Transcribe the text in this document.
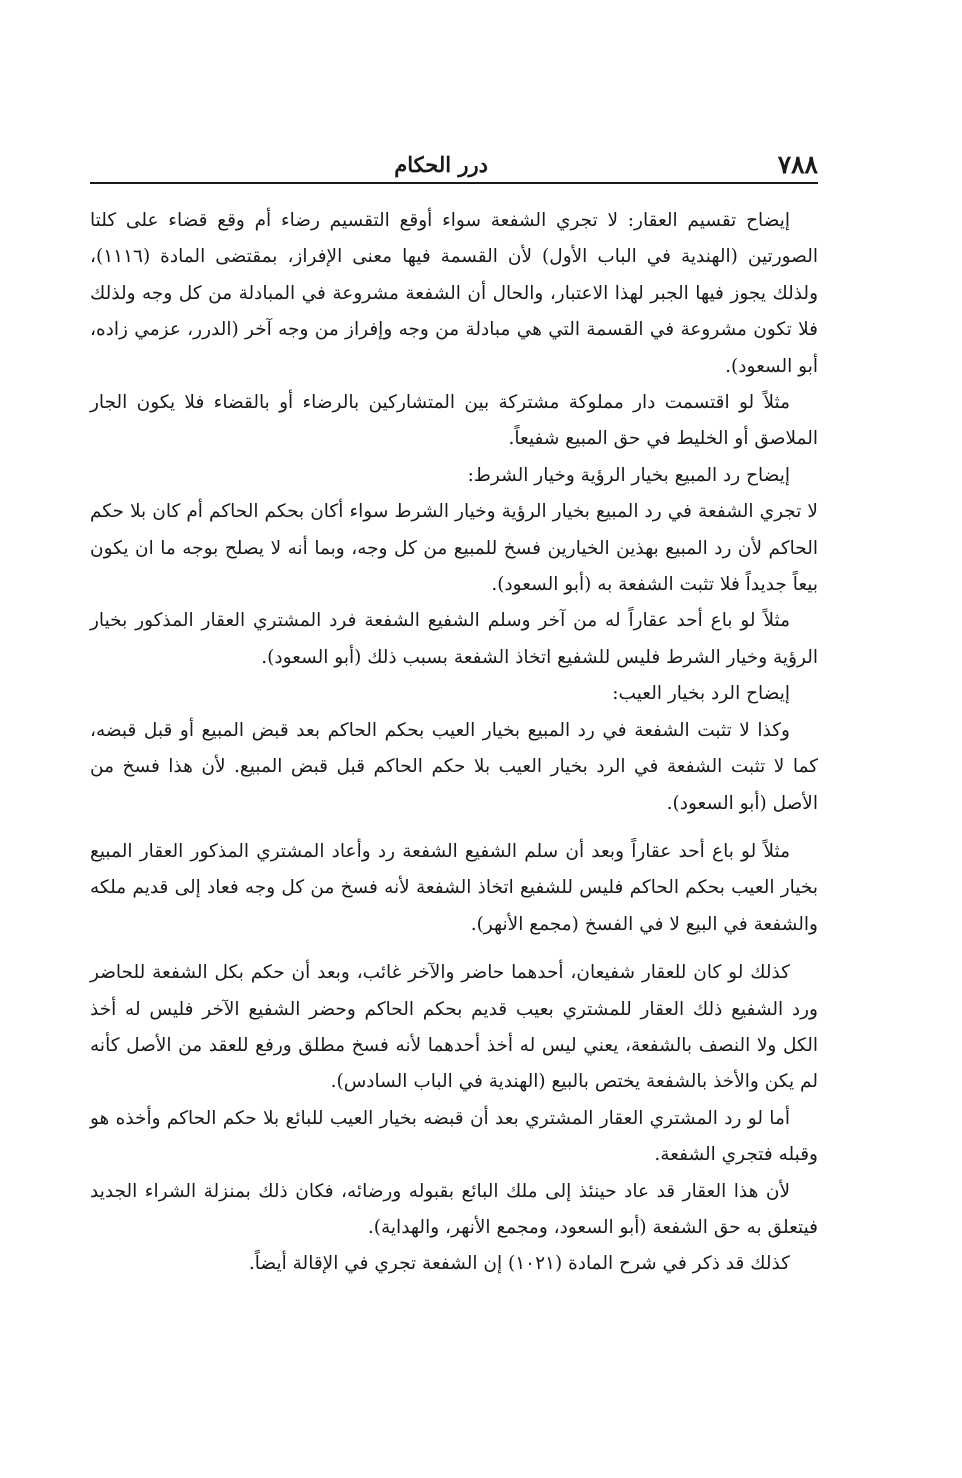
٧٨٨
درر الحكام

إيضاح تقسيم العقار: لا تجري الشفعة سواء أوقع التقسيم رضاء أم وقع قضاء على كلتا الصورتين (الهندية في الباب الأول) لأن القسمة فيها معنى الإفراز، بمقتضى المادة (١١١٦)، ولذلك يجوز فيها الجبر لهذا الاعتبار، والحال أن الشفعة مشروعة في المبادلة من كل وجه ولذلك فلا تكون مشروعة في القسمة التي هي مبادلة من وجه وإفراز من وجه آخر (الدرر، عزمي زاده، أبو السعود).

مثلاً لو اقتسمت دار مملوكة مشتركة بين المتشاركين بالرضاء أو بالقضاء فلا يكون الجار الملاصق أو الخليط في حق المبيع شفيعاً.

إيضاح رد المبيع بخيار الرؤية وخيار الشرط:

لا تجري الشفعة في رد المبيع بخيار الرؤية وخيار الشرط سواء أكان بحكم الحاكم أم كان بلا حكم الحاكم لأن رد المبيع بهذين الخيارين فسخ للمبيع من كل وجه، وبما أنه لا يصلح بوجه ما ان يكون بيعاً جديداً فلا تثبت الشفعة به (أبو السعود).

مثلاً لو باع أحد عقاراً له من آخر وسلم الشفيع الشفعة فرد المشتري العقار المذكور بخيار الرؤية وخيار الشرط فليس للشفيع اتخاذ الشفعة بسبب ذلك (أبو السعود).

إيضاح الرد بخيار العيب:

وكذا لا تثبت الشفعة في رد المبيع بخيار العيب بحكم الحاكم بعد قبض المبيع أو قبل قبضه، كما لا تثبت الشفعة في الرد بخيار العيب بلا حكم الحاكم قبل قبض المبيع. لأن هذا فسخ من الأصل (أبو السعود).

مثلاً لو باع أحد عقاراً وبعد أن سلم الشفيع الشفعة رد وأعاد المشتري المذكور العقار المبيع بخيار العيب بحكم الحاكم فليس للشفيع اتخاذ الشفعة لأنه فسخ من كل وجه فعاد إلى قديم ملكه والشفعة في البيع لا في الفسخ (مجمع الأنهر).

كذلك لو كان للعقار شفيعان، أحدهما حاضر والآخر غائب، وبعد أن حكم بكل الشفعة للحاضر ورد الشفيع ذلك العقار للمشتري بعيب قديم بحكم الحاكم وحضر الشفيع الآخر فليس له أخذ الكل ولا النصف بالشفعة، يعني ليس له أخذ أحدهما لأنه فسخ مطلق ورفع للعقد من الأصل كأنه لم يكن والأخذ بالشفعة يختص بالبيع (الهندية في الباب السادس).

أما لو رد المشتري العقار المشتري بعد أن قبضه بخيار العيب للبائع بلا حكم الحاكم وأخذه هو وقبله فتجري الشفعة.

لأن هذا العقار قد عاد حينئذ إلى ملك البائع بقبوله ورضائه، فكان ذلك بمنزلة الشراء الجديد فيتعلق به حق الشفعة (أبو السعود، ومجمع الأنهر، والهداية).

كذلك قد ذكر في شرح المادة (١٠٢١) إن الشفعة تجري في الإقالة أيضاً.
